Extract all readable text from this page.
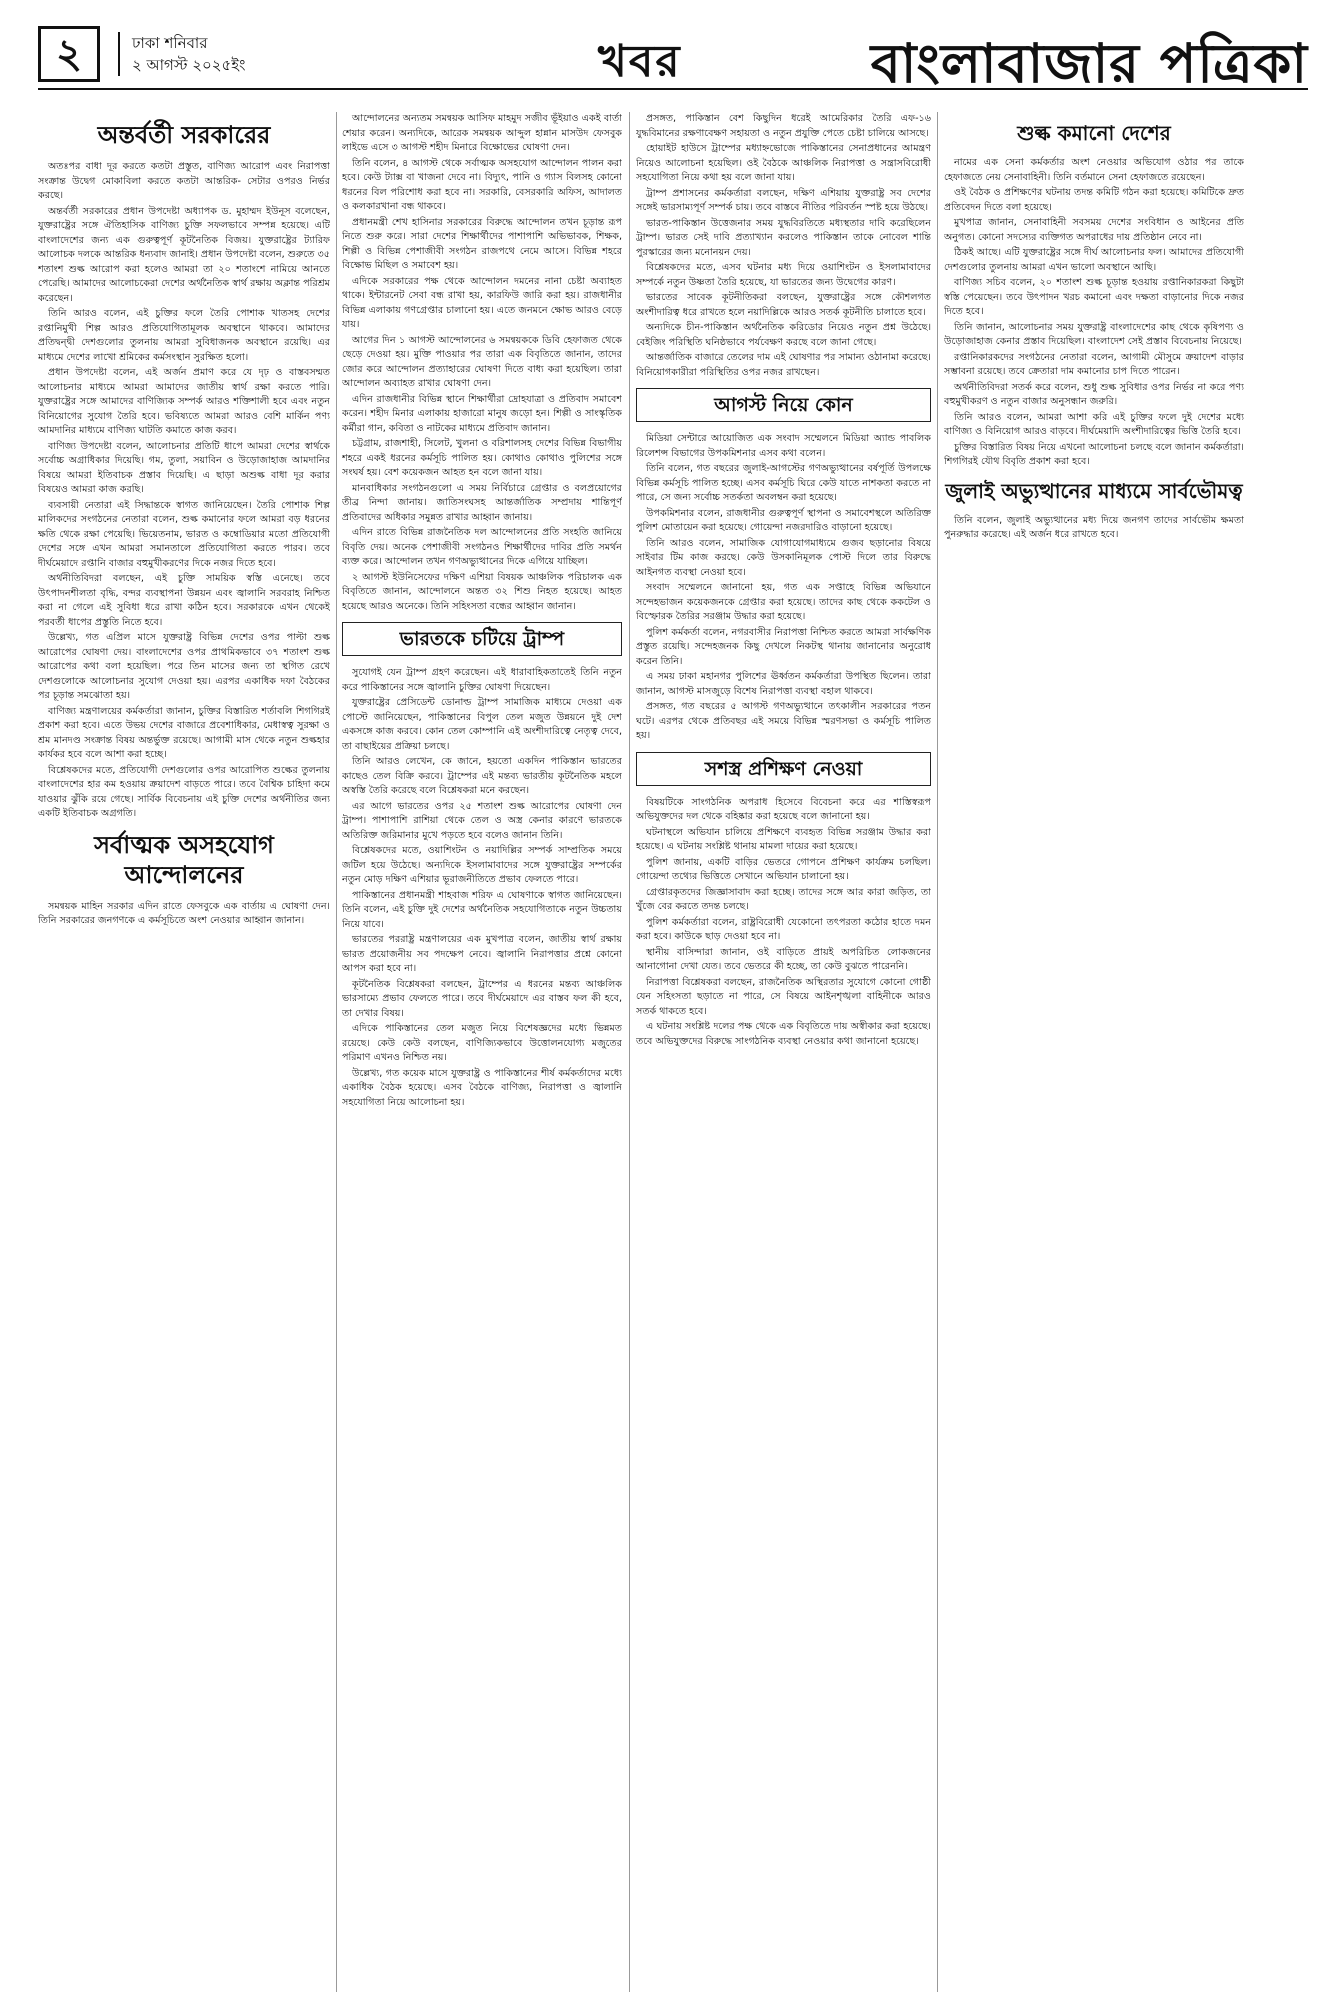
২	ঢাকা শনিবার
২ আগস্ট ২০২৫ইং	খবর	বাংলাবাজার পত্রিকা
অন্তর্বর্তী সরকারের

অতঃপর বাধা দূর করতে কতটা প্রস্তুত, বাণিজ্য আরোপ এবং নিরাপত্তা সংক্রান্ত উদ্বেগ মোকাবিলা করতে কতটা আন্তরিক- সেটার ওপরও নির্ভর করছে।

অন্তর্বর্তী সরকারের প্রধান উপদেষ্টা অধ্যাপক ড. মুহাম্মদ ইউনূস বলেছেন, যুক্তরাষ্ট্রের সঙ্গে ঐতিহাসিক বাণিজ্য চুক্তি সফলভাবে সম্পন্ন হয়েছে। এটি বাংলাদেশের জন্য এক গুরুত্বপূর্ণ কূটনৈতিক বিজয়। যুক্তরাষ্ট্রের ট্যারিফ আলোচক দলকে আন্তরিক ধন্যবাদ জানাই। প্রধান উপদেষ্টা বলেন, শুরুতে ৩৫ শতাংশ শুল্ক আরোপ করা হলেও আমরা তা ২০ শতাংশে নামিয়ে আনতে পেরেছি। আমাদের আলোচকেরা দেশের অর্থনৈতিক স্বার্থ রক্ষায় অক্লান্ত পরিশ্রম করেছেন।

তিনি আরও বলেন, এই চুক্তির ফলে তৈরি পোশাক খাতসহ দেশের রপ্তানিমুখী শিল্প আরও প্রতিযোগিতামূলক অবস্থানে থাকবে। আমাদের প্রতিদ্বন্দ্বী দেশগুলোর তুলনায় আমরা সুবিধাজনক অবস্থানে রয়েছি। এর মাধ্যমে দেশের লাখো শ্রমিকের কর্মসংস্থান সুরক্ষিত হলো।

প্রধান উপদেষ্টা বলেন, এই অর্জন প্রমাণ করে যে দৃঢ় ও বাস্তবসম্মত আলোচনার মাধ্যমে আমরা আমাদের জাতীয় স্বার্থ রক্ষা করতে পারি। যুক্তরাষ্ট্রের সঙ্গে আমাদের বাণিজ্যিক সম্পর্ক আরও শক্তিশালী হবে এবং নতুন বিনিয়োগের সুযোগ তৈরি হবে। ভবিষ্যতে আমরা আরও বেশি মার্কিন পণ্য আমদানির মাধ্যমে বাণিজ্য ঘাটতি কমাতে কাজ করব।

বাণিজ্য উপদেষ্টা বলেন, আলোচনার প্রতিটি ধাপে আমরা দেশের স্বার্থকে সর্বোচ্চ অগ্রাধিকার দিয়েছি। গম, তুলা, সয়াবিন ও উড়োজাহাজ আমদানির বিষয়ে আমরা ইতিবাচক প্রস্তাব দিয়েছি। এ ছাড়া অশুল্ক বাধা দূর করার বিষয়েও আমরা কাজ করছি।

ব্যবসায়ী নেতারা এই সিদ্ধান্তকে স্বাগত জানিয়েছেন। তৈরি পোশাক শিল্প মালিকদের সংগঠনের নেতারা বলেন, শুল্ক কমানোর ফলে আমরা বড় ধরনের ক্ষতি থেকে রক্ষা পেয়েছি। ভিয়েতনাম, ভারত ও কম্বোডিয়ার মতো প্রতিযোগী দেশের সঙ্গে এখন আমরা সমানতালে প্রতিযোগিতা করতে পারব। তবে দীর্ঘমেয়াদে রপ্তানি বাজার বহুমুখীকরণের দিকে নজর দিতে হবে।

অর্থনীতিবিদরা বলছেন, এই চুক্তি সাময়িক স্বস্তি এনেছে। তবে উৎপাদনশীলতা বৃদ্ধি, বন্দর ব্যবস্থাপনা উন্নয়ন এবং জ্বালানি সরবরাহ নিশ্চিত করা না গেলে এই সুবিধা ধরে রাখা কঠিন হবে। সরকারকে এখন থেকেই পরবর্তী ধাপের প্রস্তুতি নিতে হবে।

উল্লেখ্য, গত এপ্রিল মাসে যুক্তরাষ্ট্র বিভিন্ন দেশের ওপর পাল্টা শুল্ক আরোপের ঘোষণা দেয়। বাংলাদেশের ওপর প্রাথমিকভাবে ৩৭ শতাংশ শুল্ক আরোপের কথা বলা হয়েছিল। পরে তিন মাসের জন্য তা স্থগিত রেখে দেশগুলোকে আলোচনার সুযোগ দেওয়া হয়। এরপর একাধিক দফা বৈঠকের পর চূড়ান্ত সমঝোতা হয়।

বাণিজ্য মন্ত্রণালয়ের কর্মকর্তারা জানান, চুক্তির বিস্তারিত শর্তাবলি শিগগিরই প্রকাশ করা হবে। এতে উভয় দেশের বাজারে প্রবেশাধিকার, মেধাস্বত্ব সুরক্ষা ও শ্রম মানদণ্ড সংক্রান্ত বিষয় অন্তর্ভুক্ত রয়েছে। আগামী মাস থেকে নতুন শুল্কহার কার্যকর হবে বলে আশা করা হচ্ছে।

বিশ্লেষকদের মতে, প্রতিযোগী দেশগুলোর ওপর আরোপিত শুল্কের তুলনায় বাংলাদেশের হার কম হওয়ায় ক্রয়াদেশ বাড়তে পারে। তবে বৈশ্বিক চাহিদা কমে যাওয়ার ঝুঁকি রয়ে গেছে। সার্বিক বিবেচনায় এই চুক্তি দেশের অর্থনীতির জন্য একটি ইতিবাচক অগ্রগতি।

সর্বাত্মক অসহযোগ আন্দোলনের

সমন্বয়ক মাহিন সরকার এদিন রাতে ফেসবুকে এক বার্তায় এ ঘোষণা দেন। তিনি সরকারের জনগণকে এ কর্মসূচিতে অংশ নেওয়ার আহ্বান জানান।

আন্দোলনের অন্যতম সমন্বয়ক আসিফ মাহমুদ সজীব ভূঁইয়াও একই বার্তা শেয়ার করেন। অন্যদিকে, আরেক সমন্বয়ক আব্দুল হান্নান মাসউদ ফেসবুক লাইভে এসে ৩ আগস্ট শহীদ মিনারে বিক্ষোভের ঘোষণা দেন।

তিনি বলেন, ৪ আগস্ট থেকে সর্বাত্মক অসহযোগ আন্দোলন পালন করা হবে। কেউ ট্যাক্স বা খাজনা দেবে না। বিদ্যুৎ, পানি ও গ্যাস বিলসহ কোনো ধরনের বিল পরিশোধ করা হবে না। সরকারি, বেসরকারি অফিস, আদালত ও কলকারখানা বন্ধ থাকবে।

প্রধানমন্ত্রী শেখ হাসিনার সরকারের বিরুদ্ধে আন্দোলন তখন চূড়ান্ত রূপ নিতে শুরু করে। সারা দেশের শিক্ষার্থীদের পাশাপাশি অভিভাবক, শিক্ষক, শিল্পী ও বিভিন্ন পেশাজীবী সংগঠন রাজপথে নেমে আসে। বিভিন্ন শহরে বিক্ষোভ মিছিল ও সমাবেশ হয়।

এদিকে সরকারের পক্ষ থেকে আন্দোলন দমনের নানা চেষ্টা অব্যাহত থাকে। ইন্টারনেট সেবা বন্ধ রাখা হয়, কারফিউ জারি করা হয়। রাজধানীর বিভিন্ন এলাকায় গণগ্রেপ্তার চালানো হয়। এতে জনমনে ক্ষোভ আরও বেড়ে যায়।

আগের দিন ১ আগস্ট আন্দোলনের ৬ সমন্বয়ককে ডিবি হেফাজত থেকে ছেড়ে দেওয়া হয়। মুক্তি পাওয়ার পর তারা এক বিবৃতিতে জানান, তাদের জোর করে আন্দোলন প্রত্যাহারের ঘোষণা দিতে বাধ্য করা হয়েছিল। তারা আন্দোলন অব্যাহত রাখার ঘোষণা দেন।

এদিন রাজধানীর বিভিন্ন স্থানে শিক্ষার্থীরা দ্রোহযাত্রা ও প্রতিবাদ সমাবেশ করেন। শহীদ মিনার এলাকায় হাজারো মানুষ জড়ো হন। শিল্পী ও সাংস্কৃতিক কর্মীরা গান, কবিতা ও নাটকের মাধ্যমে প্রতিবাদ জানান।

চট্টগ্রাম, রাজশাহী, সিলেট, খুলনা ও বরিশালসহ দেশের বিভিন্ন বিভাগীয় শহরে একই ধরনের কর্মসূচি পালিত হয়। কোথাও কোথাও পুলিশের সঙ্গে সংঘর্ষ হয়। বেশ কয়েকজন আহত হন বলে জানা যায়।

মানবাধিকার সংগঠনগুলো এ সময় নির্বিচারে গ্রেপ্তার ও বলপ্রয়োগের তীব্র নিন্দা জানায়। জাতিসংঘসহ আন্তর্জাতিক সম্প্রদায় শান্তিপূর্ণ প্রতিবাদের অধিকার সমুন্নত রাখার আহ্বান জানায়।

এদিন রাতে বিভিন্ন রাজনৈতিক দল আন্দোলনের প্রতি সংহতি জানিয়ে বিবৃতি দেয়। অনেক পেশাজীবী সংগঠনও শিক্ষার্থীদের দাবির প্রতি সমর্থন ব্যক্ত করে। আন্দোলন তখন গণঅভ্যুত্থানের দিকে এগিয়ে যাচ্ছিল।

২ আগস্ট ইউনিসেফের দক্ষিণ এশিয়া বিষয়ক আঞ্চলিক পরিচালক এক বিবৃতিতে জানান, আন্দোলনে অন্তত ৩২ শিশু নিহত হয়েছে। আহত হয়েছে আরও অনেকে। তিনি সহিংসতা বন্ধের আহ্বান জানান।

ভারতকে চটিয়ে ট্রাম্প

সুযোগই যেন ট্রাম্প গ্রহণ করেছেন। এই ধারাবাহিকতাতেই তিনি নতুন করে পাকিস্তানের সঙ্গে জ্বালানি চুক্তির ঘোষণা দিয়েছেন।

যুক্তরাষ্ট্রের প্রেসিডেন্ট ডোনাল্ড ট্রাম্প সামাজিক মাধ্যমে দেওয়া এক পোস্টে জানিয়েছেন, পাকিস্তানের বিপুল তেল মজুত উন্নয়নে দুই দেশ একসঙ্গে কাজ করবে। কোন তেল কোম্পানি এই অংশীদারিত্বে নেতৃত্ব দেবে, তা বাছাইয়ের প্রক্রিয়া চলছে।

তিনি আরও লেখেন, কে জানে, হয়তো একদিন পাকিস্তান ভারতের কাছেও তেল বিক্রি করবে। ট্রাম্পের এই মন্তব্য ভারতীয় কূটনৈতিক মহলে অস্বস্তি তৈরি করেছে বলে বিশ্লেষকরা মনে করছেন।

এর আগে ভারতের ওপর ২৫ শতাংশ শুল্ক আরোপের ঘোষণা দেন ট্রাম্প। পাশাপাশি রাশিয়া থেকে তেল ও অস্ত্র কেনার কারণে ভারতকে অতিরিক্ত জরিমানার মুখে পড়তে হবে বলেও জানান তিনি।

বিশ্লেষকদের মতে, ওয়াশিংটন ও নয়াদিল্লির সম্পর্ক সাম্প্রতিক সময়ে জটিল হয়ে উঠেছে। অন্যদিকে ইসলামাবাদের সঙ্গে যুক্তরাষ্ট্রের সম্পর্কের নতুন মোড় দক্ষিণ এশিয়ার ভূরাজনীতিতে প্রভাব ফেলতে পারে।

পাকিস্তানের প্রধানমন্ত্রী শাহবাজ শরিফ এ ঘোষণাকে স্বাগত জানিয়েছেন। তিনি বলেন, এই চুক্তি দুই দেশের অর্থনৈতিক সহযোগিতাকে নতুন উচ্চতায় নিয়ে যাবে।

ভারতের পররাষ্ট্র মন্ত্রণালয়ের এক মুখপাত্র বলেন, জাতীয় স্বার্থ রক্ষায় ভারত প্রয়োজনীয় সব পদক্ষেপ নেবে। জ্বালানি নিরাপত্তার প্রশ্নে কোনো আপস করা হবে না।

কূটনৈতিক বিশ্লেষকরা বলছেন, ট্রাম্পের এ ধরনের মন্তব্য আঞ্চলিক ভারসাম্যে প্রভাব ফেলতে পারে। তবে দীর্ঘমেয়াদে এর বাস্তব ফল কী হবে, তা দেখার বিষয়।

এদিকে পাকিস্তানের তেল মজুত নিয়ে বিশেষজ্ঞদের মধ্যে ভিন্নমত রয়েছে। কেউ কেউ বলছেন, বাণিজ্যিকভাবে উত্তোলনযোগ্য মজুতের পরিমাণ এখনও নিশ্চিত নয়।

উল্লেখ্য, গত কয়েক মাসে যুক্তরাষ্ট্র ও পাকিস্তানের শীর্ষ কর্মকর্তাদের মধ্যে একাধিক বৈঠক হয়েছে। এসব বৈঠকে বাণিজ্য, নিরাপত্তা ও জ্বালানি সহযোগিতা নিয়ে আলোচনা হয়।

প্রসঙ্গত, পাকিস্তান বেশ কিছুদিন ধরেই আমেরিকার তৈরি এফ-১৬ যুদ্ধবিমানের রক্ষণাবেক্ষণ সহায়তা ও নতুন প্রযুক্তি পেতে চেষ্টা চালিয়ে আসছে।

হোয়াইট হাউসে ট্রাম্পের মধ্যাহ্নভোজে পাকিস্তানের সেনাপ্রধানের আমন্ত্রণ নিয়েও আলোচনা হয়েছিল। ওই বৈঠকে আঞ্চলিক নিরাপত্তা ও সন্ত্রাসবিরোধী সহযোগিতা নিয়ে কথা হয় বলে জানা যায়।

ট্রাম্প প্রশাসনের কর্মকর্তারা বলছেন, দক্ষিণ এশিয়ায় যুক্তরাষ্ট্র সব দেশের সঙ্গেই ভারসাম্যপূর্ণ সম্পর্ক চায়। তবে বাস্তবে নীতির পরিবর্তন স্পষ্ট হয়ে উঠছে।

ভারত-পাকিস্তান উত্তেজনার সময় যুদ্ধবিরতিতে মধ্যস্থতার দাবি করেছিলেন ট্রাম্প। ভারত সেই দাবি প্রত্যাখ্যান করলেও পাকিস্তান তাকে নোবেল শান্তি পুরস্কারের জন্য মনোনয়ন দেয়।

বিশ্লেষকদের মতে, এসব ঘটনার মধ্য দিয়ে ওয়াশিংটন ও ইসলামাবাদের সম্পর্কে নতুন উষ্ণতা তৈরি হয়েছে, যা ভারতের জন্য উদ্বেগের কারণ।

ভারতের সাবেক কূটনীতিকরা বলছেন, যুক্তরাষ্ট্রের সঙ্গে কৌশলগত অংশীদারিত্ব ধরে রাখতে হলে নয়াদিল্লিকে আরও সতর্ক কূটনীতি চালাতে হবে।

অন্যদিকে চীন-পাকিস্তান অর্থনৈতিক করিডোর নিয়েও নতুন প্রশ্ন উঠেছে। বেইজিং পরিস্থিতি ঘনিষ্ঠভাবে পর্যবেক্ষণ করছে বলে জানা গেছে।

আন্তর্জাতিক বাজারে তেলের দাম এই ঘোষণার পর সামান্য ওঠানামা করেছে। বিনিয়োগকারীরা পরিস্থিতির ওপর নজর রাখছেন।

আগস্ট নিয়ে কোন

মিডিয়া সেন্টারে আয়োজিত এক সংবাদ সম্মেলনে মিডিয়া অ্যান্ড পাবলিক রিলেশন্স বিভাগের উপকমিশনার এসব কথা বলেন।

তিনি বলেন, গত বছরের জুলাই-আগস্টের গণঅভ্যুত্থানের বর্ষপূর্তি উপলক্ষে বিভিন্ন কর্মসূচি পালিত হচ্ছে। এসব কর্মসূচি ঘিরে কেউ যাতে নাশকতা করতে না পারে, সে জন্য সর্বোচ্চ সতর্কতা অবলম্বন করা হয়েছে।

উপকমিশনার বলেন, রাজধানীর গুরুত্বপূর্ণ স্থাপনা ও সমাবেশস্থলে অতিরিক্ত পুলিশ মোতায়েন করা হয়েছে। গোয়েন্দা নজরদারিও বাড়ানো হয়েছে।

তিনি আরও বলেন, সামাজিক যোগাযোগমাধ্যমে গুজব ছড়ানোর বিষয়ে সাইবার টিম কাজ করছে। কেউ উসকানিমূলক পোস্ট দিলে তার বিরুদ্ধে আইনগত ব্যবস্থা নেওয়া হবে।

সংবাদ সম্মেলনে জানানো হয়, গত এক সপ্তাহে বিভিন্ন অভিযানে সন্দেহভাজন কয়েকজনকে গ্রেপ্তার করা হয়েছে। তাদের কাছ থেকে ককটেল ও বিস্ফোরক তৈরির সরঞ্জাম উদ্ধার করা হয়েছে।

পুলিশ কর্মকর্তা বলেন, নগরবাসীর নিরাপত্তা নিশ্চিত করতে আমরা সার্বক্ষণিক প্রস্তুত রয়েছি। সন্দেহজনক কিছু দেখলে নিকটস্থ থানায় জানানোর অনুরোধ করেন তিনি।

এ সময় ঢাকা মহানগর পুলিশের ঊর্ধ্বতন কর্মকর্তারা উপস্থিত ছিলেন। তারা জানান, আগস্ট মাসজুড়ে বিশেষ নিরাপত্তা ব্যবস্থা বহাল থাকবে।

প্রসঙ্গত, গত বছরের ৫ আগস্ট গণঅভ্যুত্থানে তৎকালীন সরকারের পতন ঘটে। এরপর থেকে প্রতিবছর এই সময়ে বিভিন্ন স্মরণসভা ও কর্মসূচি পালিত হয়।

সশস্ত্র প্রশিক্ষণ নেওয়া

বিষয়টিকে সাংগঠনিক অপরাধ হিসেবে বিবেচনা করে এর শাস্তিস্বরূপ অভিযুক্তদের দল থেকে বহিষ্কার করা হয়েছে বলে জানানো হয়।

ঘটনাস্থলে অভিযান চালিয়ে প্রশিক্ষণে ব্যবহৃত বিভিন্ন সরঞ্জাম উদ্ধার করা হয়েছে। এ ঘটনায় সংশ্লিষ্ট থানায় মামলা দায়ের করা হয়েছে।

পুলিশ জানায়, একটি বাড়ির ভেতরে গোপনে প্রশিক্ষণ কার্যক্রম চলছিল। গোয়েন্দা তথ্যের ভিত্তিতে সেখানে অভিযান চালানো হয়।

গ্রেপ্তারকৃতদের জিজ্ঞাসাবাদ করা হচ্ছে। তাদের সঙ্গে আর কারা জড়িত, তা খুঁজে বের করতে তদন্ত চলছে।

পুলিশ কর্মকর্তারা বলেন, রাষ্ট্রবিরোধী যেকোনো তৎপরতা কঠোর হাতে দমন করা হবে। কাউকে ছাড় দেওয়া হবে না।

স্থানীয় বাসিন্দারা জানান, ওই বাড়িতে প্রায়ই অপরিচিত লোকজনের আনাগোনা দেখা যেত। তবে ভেতরে কী হচ্ছে, তা কেউ বুঝতে পারেননি।

নিরাপত্তা বিশ্লেষকরা বলছেন, রাজনৈতিক অস্থিরতার সুযোগে কোনো গোষ্ঠী যেন সহিংসতা ছড়াতে না পারে, সে বিষয়ে আইনশৃঙ্খলা বাহিনীকে আরও সতর্ক থাকতে হবে।

এ ঘটনায় সংশ্লিষ্ট দলের পক্ষ থেকে এক বিবৃতিতে দায় অস্বীকার করা হয়েছে। তবে অভিযুক্তদের বিরুদ্ধে সাংগঠনিক ব্যবস্থা নেওয়ার কথা জানানো হয়েছে।

শুল্ক কমানো দেশের

নামের এক সেনা কর্মকর্তার অংশ নেওয়ার অভিযোগ ওঠার পর তাকে হেফাজতে নেয় সেনাবাহিনী। তিনি বর্তমানে সেনা হেফাজতে রয়েছেন।

ওই বৈঠক ও প্রশিক্ষণের ঘটনায় তদন্ত কমিটি গঠন করা হয়েছে। কমিটিকে দ্রুত প্রতিবেদন দিতে বলা হয়েছে।

মুখপাত্র জানান, সেনাবাহিনী সবসময় দেশের সংবিধান ও আইনের প্রতি অনুগত। কোনো সদস্যের ব্যক্তিগত অপরাধের দায় প্রতিষ্ঠান নেবে না।

ঠিকই আছে। এটি যুক্তরাষ্ট্রের সঙ্গে দীর্ঘ আলোচনার ফল। আমাদের প্রতিযোগী দেশগুলোর তুলনায় আমরা এখন ভালো অবস্থানে আছি।

বাণিজ্য সচিব বলেন, ২০ শতাংশ শুল্ক চূড়ান্ত হওয়ায় রপ্তানিকারকরা কিছুটা স্বস্তি পেয়েছেন। তবে উৎপাদন খরচ কমানো এবং দক্ষতা বাড়ানোর দিকে নজর দিতে হবে।

তিনি জানান, আলোচনার সময় যুক্তরাষ্ট্র বাংলাদেশের কাছ থেকে কৃষিপণ্য ও উড়োজাহাজ কেনার প্রস্তাব দিয়েছিল। বাংলাদেশ সেই প্রস্তাব বিবেচনায় নিয়েছে।

রপ্তানিকারকদের সংগঠনের নেতারা বলেন, আগামী মৌসুমে ক্রয়াদেশ বাড়ার সম্ভাবনা রয়েছে। তবে ক্রেতারা দাম কমানোর চাপ দিতে পারেন।

অর্থনীতিবিদরা সতর্ক করে বলেন, শুধু শুল্ক সুবিধার ওপর নির্ভর না করে পণ্য বহুমুখীকরণ ও নতুন বাজার অনুসন্ধান জরুরি।

তিনি আরও বলেন, আমরা আশা করি এই চুক্তির ফলে দুই দেশের মধ্যে বাণিজ্য ও বিনিয়োগ আরও বাড়বে। দীর্ঘমেয়াদি অংশীদারিত্বের ভিত্তি তৈরি হবে।

চুক্তির বিস্তারিত বিষয় নিয়ে এখনো আলোচনা চলছে বলে জানান কর্মকর্তারা। শিগগিরই যৌথ বিবৃতি প্রকাশ করা হবে।

জুলাই অভ্যুত্থানের মাধ্যমে সার্বভৌমত্ব

তিনি বলেন, জুলাই অভ্যুত্থানের মধ্য দিয়ে জনগণ তাদের সার্বভৌম ক্ষমতা পুনরুদ্ধার করেছে। এই অর্জন ধরে রাখতে হবে।
